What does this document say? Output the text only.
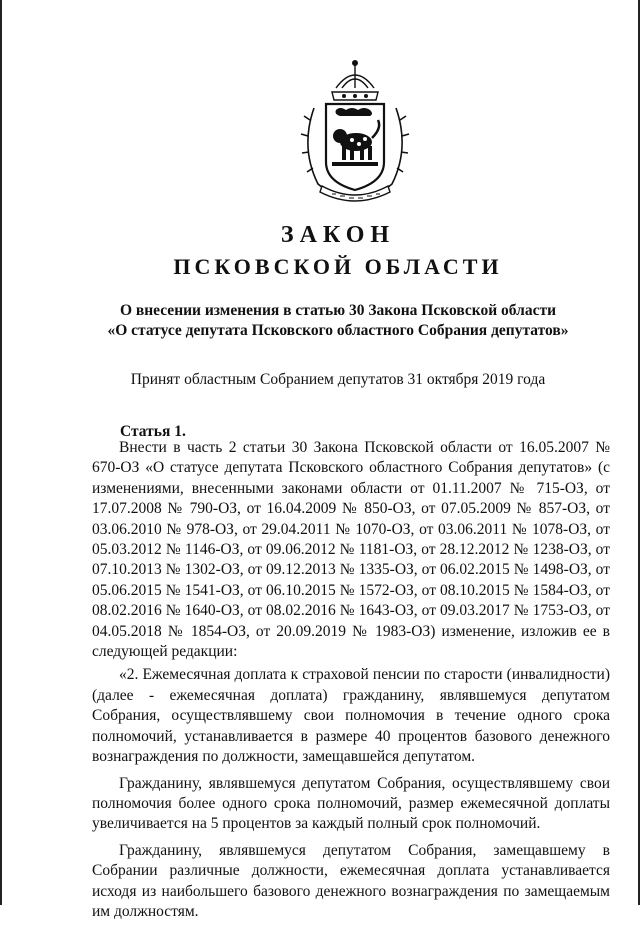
ЗАКОН
ПСКОВСКОЙ ОБЛАСТИ
О внесении изменения в статью 30 Закона Псковской области
«О статусе депутата Псковского областного Собрания депутатов»
Принят областным Собранием депутатов 31 октября 2019 года
Статья 1.

Внести в часть 2 статьи 30 Закона Псковской области от 16.05.2007 № 670-ОЗ «О статусе депутата Псковского областного Собрания депутатов» (с изменениями, внесенными законами области от 01.11.2007 № 715-ОЗ, от 17.07.2008 № 790-ОЗ, от 16.04.2009 № 850-ОЗ, от 07.05.2009 № 857-ОЗ, от 03.06.2010 № 978-ОЗ, от 29.04.2011 № 1070-ОЗ, от 03.06.2011 № 1078-ОЗ, от 05.03.2012 № 1146-ОЗ, от 09.06.2012 № 1181-ОЗ, от 28.12.2012 № 1238-ОЗ, от 07.10.2013 № 1302-ОЗ, от 09.12.2013 № 1335-ОЗ, от 06.02.2015 № 1498-ОЗ, от 05.06.2015 № 1541-ОЗ, от 06.10.2015 № 1572-ОЗ, от 08.10.2015 № 1584-ОЗ, от 08.02.2016 № 1640-ОЗ, от 08.02.2016 № 1643-ОЗ, от 09.03.2017 № 1753-ОЗ, от 04.05.2018 № 1854-ОЗ, от 20.09.2019 № 1983-ОЗ) изменение, изложив ее в следующей редакции:

«2. Ежемесячная доплата к страховой пенсии по старости (инвалидности) (далее - ежемесячная доплата) гражданину, являвшемуся депутатом Собрания, осуществлявшему свои полномочия в течение одного срока полномочий, устанавливается в размере 40 процентов базового денежного вознаграждения по должности, замещавшейся депутатом.

Гражданину, являвшемуся депутатом Собрания, осуществлявшему свои полномочия более одного срока полномочий, размер ежемесячной доплаты увеличивается на 5 процентов за каждый полный срок полномочий.

Гражданину, являвшемуся депутатом Собрания, замещавшему в Собрании различные должности, ежемесячная доплата устанавливается исходя из наибольшего базового денежного вознаграждения по замещаемым им должностям.
